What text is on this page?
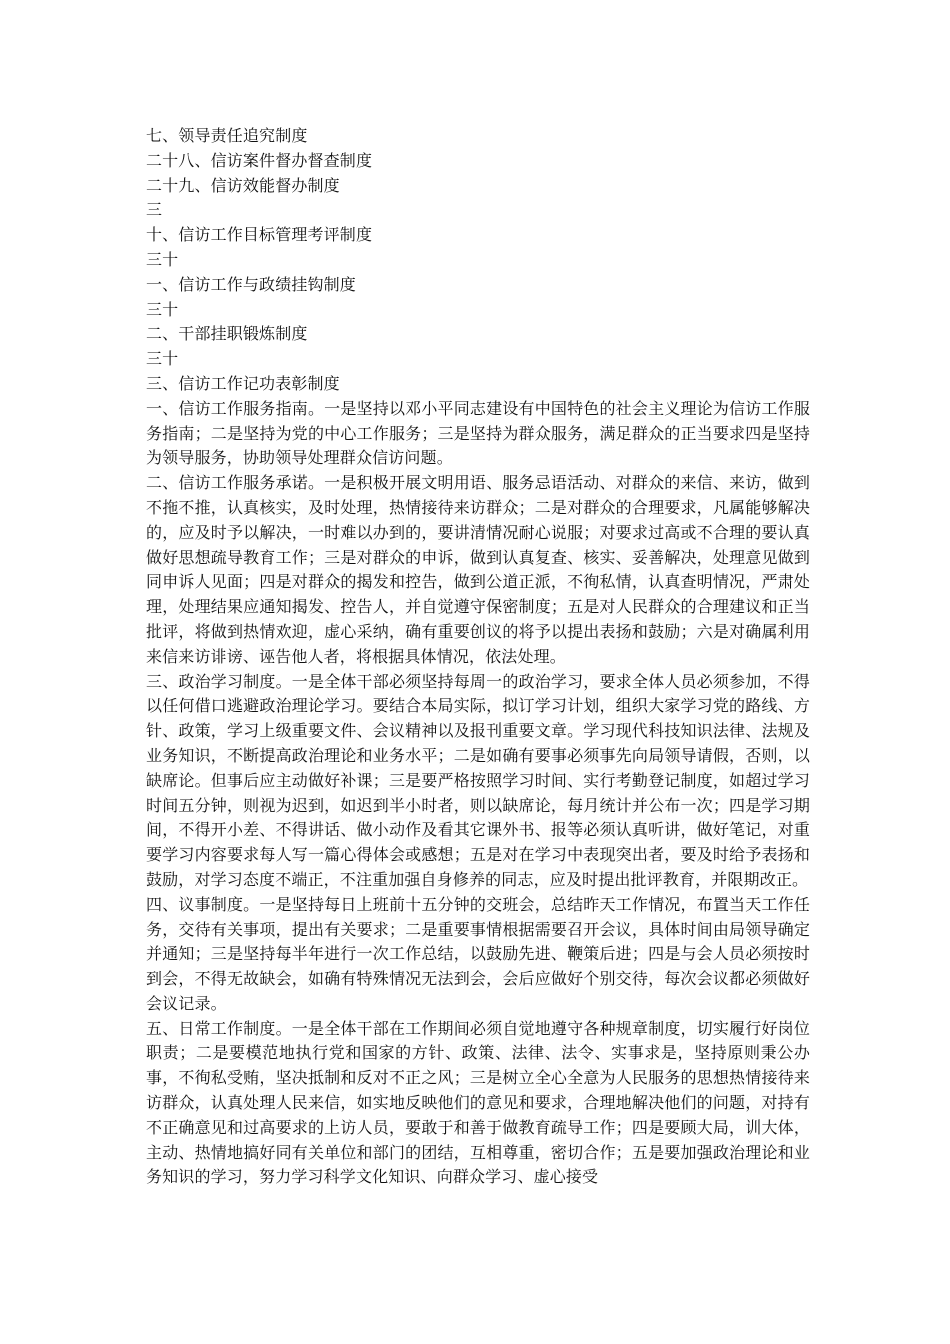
七、领导责任追究制度
二十八、信访案件督办督查制度
二十九、信访效能督办制度
三
十、信访工作目标管理考评制度
三十
一、信访工作与政绩挂钩制度
三十
二、干部挂职锻炼制度
三十
三、信访工作记功表彰制度

一、信访工作服务指南。一是坚持以邓小平同志建设有中国特色的社会主义理论为信访工作服务指南；二是坚持为党的中心工作服务；三是坚持为群众服务，满足群众的正当要求四是坚持为领导服务，协助领导处理群众信访问题。

二、信访工作服务承诺。一是积极开展文明用语、服务忌语活动、对群众的来信、来访，做到不拖不推，认真核实，及时处理，热情接待来访群众；二是对群众的合理要求，凡属能够解决的，应及时予以解决，一时难以办到的，要讲清情况耐心说服；对要求过高或不合理的要认真做好思想疏导教育工作；三是对群众的申诉，做到认真复查、核实、妥善解决，处理意见做到同申诉人见面；四是对群众的揭发和控告，做到公道正派，不徇私情，认真查明情况，严肃处理，处理结果应通知揭发、控告人，并自觉遵守保密制度；五是对人民群众的合理建议和正当批评，将做到热情欢迎，虚心采纳，确有重要创议的将予以提出表扬和鼓励；六是对确属利用来信来访诽谤、诬告他人者，将根据具体情况，依法处理。

三、政治学习制度。一是全体干部必须坚持每周一的政治学习，要求全体人员必须参加，不得以任何借口逃避政治理论学习。要结合本局实际，拟订学习计划，组织大家学习党的路线、方针、政策，学习上级重要文件、会议精神以及报刊重要文章。学习现代科技知识法律、法规及业务知识，不断提高政治理论和业务水平；二是如确有要事必须事先向局领导请假，否则，以缺席论。但事后应主动做好补课；三是要严格按照学习时间、实行考勤登记制度，如超过学习时间五分钟，则视为迟到，如迟到半小时者，则以缺席论，每月统计并公布一次；四是学习期间，不得开小差、不得讲话、做小动作及看其它课外书、报等必须认真听讲，做好笔记，对重要学习内容要求每人写一篇心得体会或感想；五是对在学习中表现突出者，要及时给予表扬和鼓励，对学习态度不端正，不注重加强自身修养的同志，应及时提出批评教育，并限期改正。

四、议事制度。一是坚持每日上班前十五分钟的交班会，总结昨天工作情况，布置当天工作任务，交待有关事项，提出有关要求；二是重要事情根据需要召开会议，具体时间由局领导确定并通知；三是坚持每半年进行一次工作总结，以鼓励先进、鞭策后进；四是与会人员必须按时到会，不得无故缺会，如确有特殊情况无法到会，会后应做好个别交待，每次会议都必须做好会议记录。

五、日常工作制度。一是全体干部在工作期间必须自觉地遵守各种规章制度，切实履行好岗位职责；二是要模范地执行党和国家的方针、政策、法律、法令、实事求是，坚持原则秉公办事，不徇私受贿，坚决抵制和反对不正之风；三是树立全心全意为人民服务的思想热情接待来访群众，认真处理人民来信，如实地反映他们的意见和要求，合理地解决他们的问题，对持有不正确意见和过高要求的上访人员，要敢于和善于做教育疏导工作；四是要顾大局，训大体，主动、热情地搞好同有关单位和部门的团结，互相尊重，密切合作；五是要加强政治理论和业务知识的学习，努力学习科学文化知识、向群众学习、虚心接受
